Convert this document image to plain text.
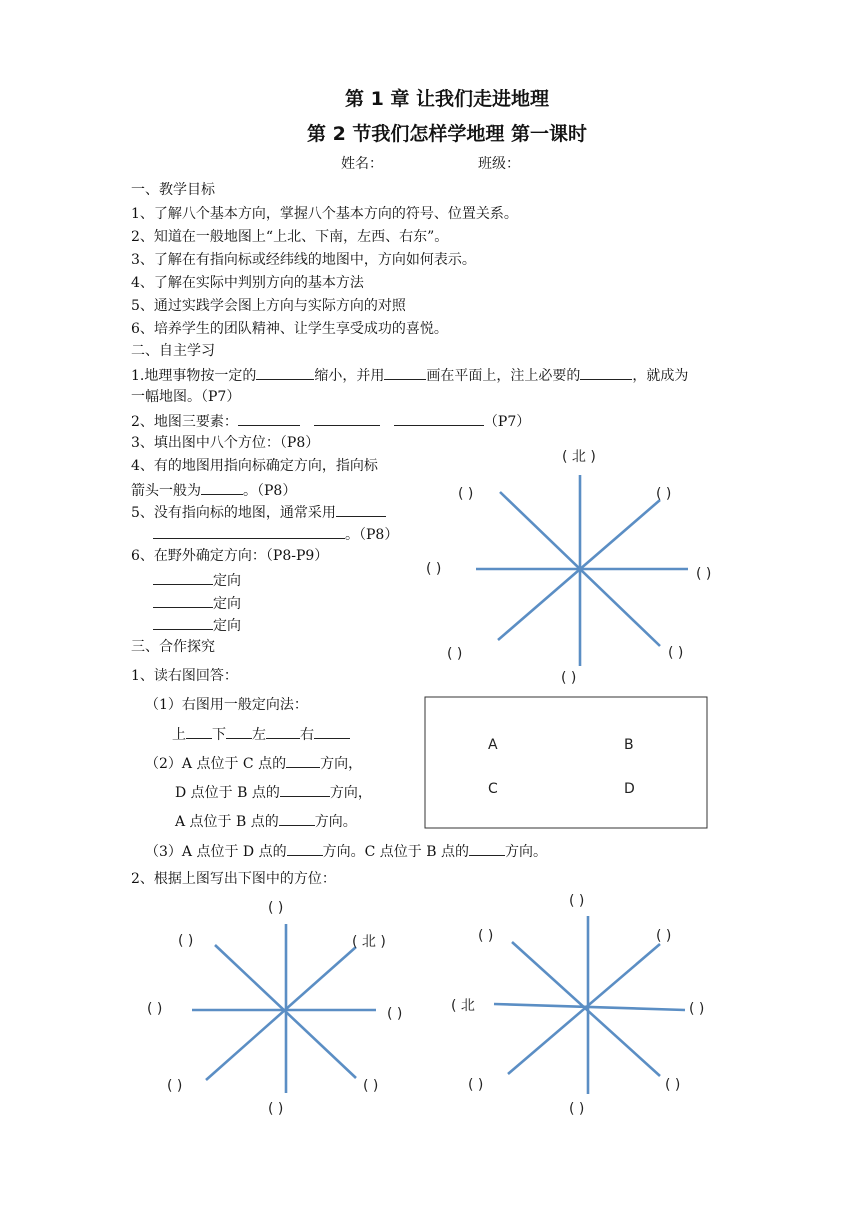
第 1 章 让我们走进地理
第 2 节我们怎样学地理 第一课时
姓名：	班级：
一、教学目标
1、了解八个基本方向，掌握八个基本方向的符号、位置关系。
2、知道在一般地图上“上北、下南，左西、右东”。
3、了解在有指向标或经纬线的地图中，方向如何表示。
4、了解在实际中判别方向的基本方法
5、通过实践学会图上方向与实际方向的对照
6、培养学生的团队精神、让学生享受成功的喜悦。
二、自主学习
1.地理事物按一定的	缩小，并用	画在平面上，注上必要的	，就成为
一幅地图。（P7）
2、地图三要素：	（P7）
3、填出图中八个方位：（P8）
4、有的地图用指向标确定方向，指向标
箭头一般为	。（P8）
5、没有指向标的地图，通常采用
。（P8）
6、在野外确定方向：（P8-P9）
定向
定向
定向
三、合作探究
1、读右图回答：
（1）右图用一般定向法：
上 下 左 右
（2）A 点位于 C 点的 方向，
D 点位于 B 点的	方向，
A 点位于 B 点的	方向。
（3）A 点位于 D 点的	方向。C 点位于 B 点的	方向。
2、根据上图写出下图中的方位：
( 北 )
( )	( )
( )	( )
( )	( )
( )
A	B
C	D
( )
( )	( 北 )
( )	( )
( )	( )
( )
( )
( )	( )
( 北	( )
( )	( )
( )
